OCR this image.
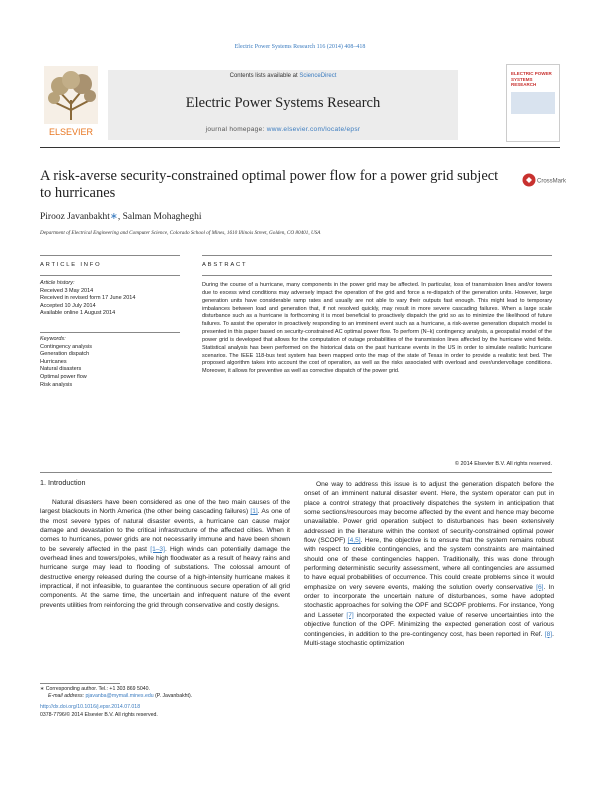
Electric Power Systems Research 116 (2014) 408–418
ELSEVIER
Contents lists available at ScienceDirect
Electric Power Systems Research
journal homepage: www.elsevier.com/locate/epsr
ELECTRIC POWER SYSTEMS RESEARCH
A risk-averse security-constrained optimal power flow for a power grid subject to hurricanes
CrossMark
Pirooz Javanbakht∗, Salman Mohagheghi
Department of Electrical Engineering and Computer Science, Colorado School of Mines, 1610 Illinois Street, Golden, CO 80401, USA
ARTICLE INFO	ABSTRACT
Article history:
Received 3 May 2014
Received in revised form 17 June 2014
Accepted 10 July 2014
Available online 1 August 2014
Keywords:
Contingency analysis
Generation dispatch
Hurricanes
Natural disasters
Optimal power flow
Risk analysis
During the course of a hurricane, many components in the power grid may be affected. In particular, loss of transmission lines and/or towers due to excess wind conditions may adversely impact the operation of the grid and force a re-dispatch of the generation units. However, large generation units have considerable ramp rates and usually are not able to vary their outputs fast enough. This might lead to temporary imbalances between load and generation that, if not resolved quickly, may result in more severe cascading failures. When a large scale disturbance such as a hurricane is forthcoming it is most beneficial to proactively dispatch the grid so as to minimize the likelihood of future failures. To assist the operator in proactively responding to an imminent event such as a hurricane, a risk-averse generation dispatch model is presented in this paper based on security-constrained AC optimal power flow. To perform (N−k) contingency analysis, a geospatial model of the power grid is developed that allows for the computation of outage probabilities of the transmission lines affected by the hurricane wind fields. Statistical analysis has been performed on the historical data on the past hurricane events in the US in order to simulate realistic hurricane scenarios. The IEEE 118-bus test system has been mapped onto the map of the state of Texas in order to provide a realistic test bed. The proposed algorithm takes into account the cost of operation, as well as the risks associated with overload and over/undervoltage conditions. Moreover, it allows for preventive as well as corrective dispatch of the power grid.
© 2014 Elsevier B.V. All rights reserved.
1. Introduction
Natural disasters have been considered as one of the two main causes of the largest blackouts in North America (the other being cascading failures) [1]. As one of the most severe types of natural disaster events, a hurricane can cause major damage and devastation to the critical infrastructure of the affected cities. When it comes to hurricanes, power grids are not necessarily immune and have been shown to be severely affected in the past [1–3]. High winds can potentially damage the overhead lines and towers/poles, while high floodwater as a result of heavy rains and hurricane surge may lead to flooding of substations. The colossal amount of destructive energy released during the course of a high-intensity hurricane makes it impractical, if not infeasible, to guarantee the continuous secure operation of all grid components. At the same time, the uncertain and infrequent nature of the event prevents utilities from reinforcing the grid through conservative and costly designs.
One way to address this issue is to adjust the generation dispatch before the onset of an imminent natural disaster event. Here, the system operator can put in place a control strategy that proactively dispatches the system in anticipation that some sections/resources may become affected by the event and hence may become unavailable. Power grid operation subject to disturbances has been extensively addressed in the literature within the context of security-constrained optimal power flow (SCOPF) [4,5]. Here, the objective is to ensure that the system remains robust with respect to credible contingencies, and the system constraints are maintained should one of these contingencies happen. Traditionally, this was done through performing deterministic security assessment, where all contingencies are assumed to have equal probabilities of occurrence. This could create problems since it would emphasize on very severe events, making the solution overly conservative [6]. In order to incorporate the uncertain nature of disturbances, some have adopted stochastic approaches for solving the OPF and SCOPF problems. For instance, Yong and Lasseter [7] incorporated the expected value of reserve uncertainties into the objective function of the OPF. Minimizing the expected generation cost of various contingencies, in addition to the pre-contingency cost, has been reported in Ref. [8]. Multi-stage stochastic optimization
∗ Corresponding author. Tel.: +1 303 869 5040.
E-mail address: pjavanba@mymail.mines.edu (P. Javanbakht).
http://dx.doi.org/10.1016/j.epsr.2014.07.018
0378-7796/© 2014 Elsevier B.V. All rights reserved.
